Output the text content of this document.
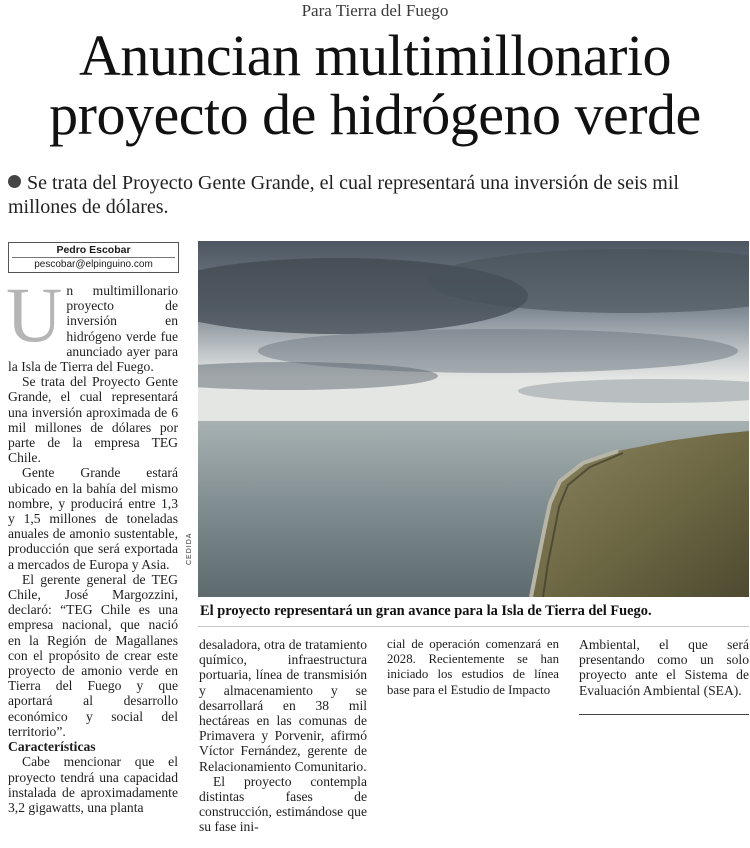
Para Tierra del Fuego
Anuncian multimillonario
proyecto de hidrógeno verde
Se trata del Proyecto Gente Grande, el cual representará una inversión de seis mil millones de dólares.
Pedro Escobar
pescobar@elpinguino.com

Un multimillonario proyecto de inversión en hidrógeno verde fue anunciado ayer para la Isla de Tierra del Fuego.

Se trata del Proyecto Gente Grande, el cual representará una inversión aproximada de 6 mil millones de dólares por parte de la empresa TEG Chile.

Gente Grande estará ubicado en la bahía del mismo nombre, y producirá entre 1,3 y 1,5 millones de toneladas anuales de amonio sustentable, producción que será exportada a mercados de Europa y Asia.

El gerente general de TEG Chile, José Margozzini, declaró: “TEG Chile es una empresa nacional, que nació en la Región de Magallanes con el propósito de crear este proyecto de amonio verde en Tierra del Fuego y que aportará al desarrollo económico y social del territorio”.

Características

Cabe mencionar que el proyecto tendrá una capacidad instalada de aproximadamente 3,2 gigawatts, una planta

CEDIDA
El proyecto representará un gran avance para la Isla de Tierra del Fuego.

desaladora, otra de tratamiento químico, infraestructura portuaria, línea de transmisión y almacenamiento y se desarrollará en 38 mil hectáreas en las comunas de Primavera y Porvenir, afirmó Víctor Fernández, gerente de Relacionamiento Comunitario.

El proyecto contempla distintas fases de construcción, estimándose que su fase ini-

cial de operación comenzará en 2028. Recientemente se han iniciado los estudios de línea base para el Estudio de Impacto

Ambiental, el que será presentando como un solo proyecto ante el Sistema de Evaluación Ambiental (SEA).
